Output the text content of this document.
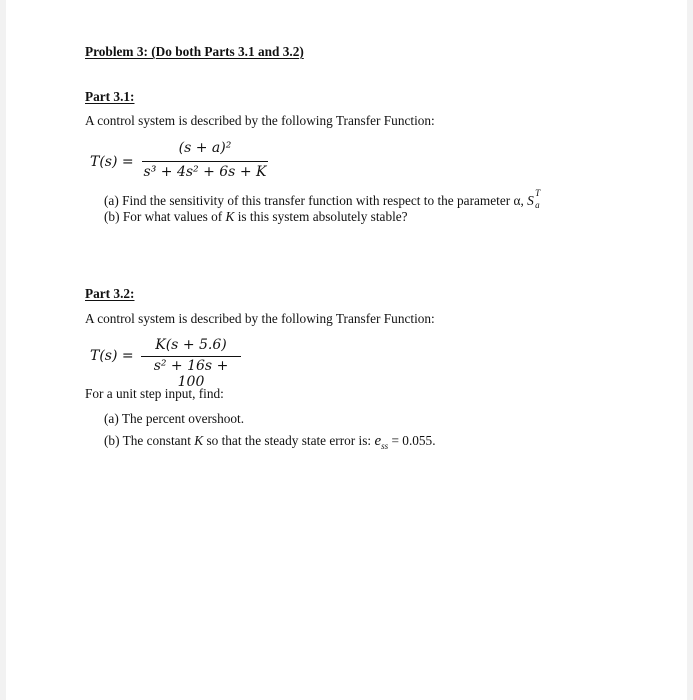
Problem 3: (Do both Parts 3.1 and 3.2)
Part 3.1:
A control system is described by the following Transfer Function:
T(s) =
(s + a)²
s³ + 4s² + 6s + K
(a) Find the sensitivity of this transfer function with respect to the parameter α, S T
a
(b) For what values of K is this system absolutely stable?
Part 3.2:
A control system is described by the following Transfer Function:
T(s) =
K(s + 5.6)
s² + 16s + 100
For a unit step input, find:
(a) The percent overshoot.
(b) The constant K so that the steady state error is: $e_{ss} = 0.055$.
